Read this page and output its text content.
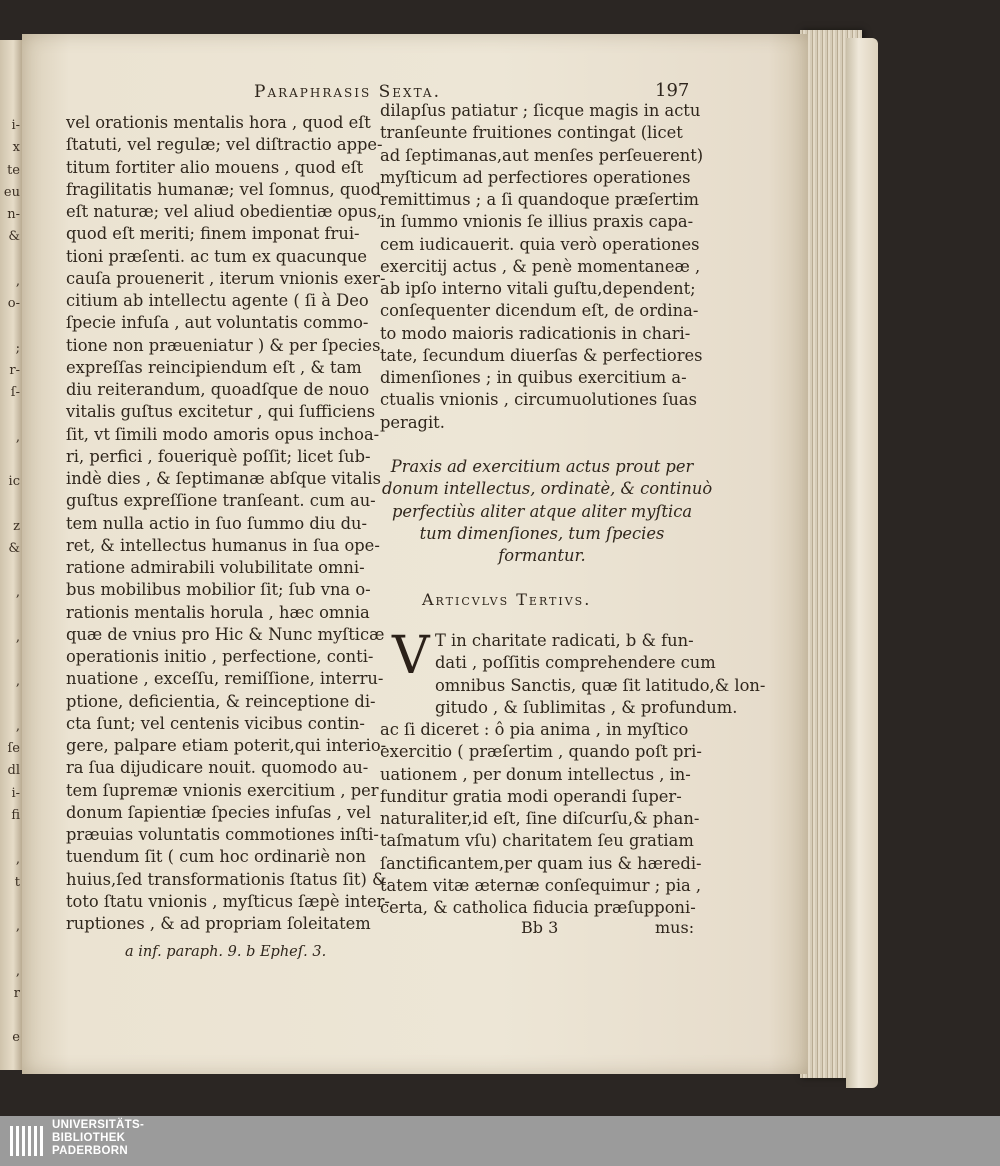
i-
x
te
eu
n-
&
,
o-
;
r-
ſ-
,
ic
z
&
,
,
,
,
ſe
dl
i-
fi
,
t
,
,
r
e
Paraphrasis Sexta.	197
vel orationis mentalis hora , quod eſt
ſtatuti, vel regulæ; vel diſtractio appe-
titum fortiter alio mouens , quod eſt
fragilitatis humanæ; vel ſomnus, quod
eſt naturæ; vel aliud obedientiæ opus,
quod eſt meriti; finem imponat frui-
tioni præſenti. ac tum ex quacunque
cauſa prouenerit , iterum vnionis exer-
citium ab intellectu agente ( ſi à Deo
ſpecie infuſa , aut voluntatis commo-
tione non præueniatur ) & per ſpecies
expreſſas reincipiendum eſt , & tam
diu reiterandum, quoadſque de nouo
vitalis guſtus excitetur , qui ſufficiens
ſit, vt ſimili modo amoris opus inchoa-
ri, perfici , foueriquè poſſit; licet ſub-
indè dies , & ſeptimanæ abſque vitalis
guſtus expreſſione tranſeant. cum au-
tem nulla actio in ſuo ſummo diu du-
ret, & intellectus humanus in ſua ope-
ratione admirabili volubilitate omni-
bus mobilibus mobilior ſit; ſub vna o-
rationis mentalis horula , hæc omnia
quæ de vnius pro Hic & Nunc myſticæ
operationis initio , perfectione, conti-
nuatione , exceſſu, remiſſione, interru-
ptione, deficientia, & reinceptione di-
cta ſunt; vel centenis vicibus contin-
gere, palpare etiam poterit,qui interio-
ra ſua dijudicare nouit. quomodo au-
tem ſupremæ vnionis exercitium , per
donum ſapientiæ ſpecies infuſas , vel
præuias voluntatis commotiones inſti-
tuendum ſit ( cum hoc ordinariè non
huius,ſed transformationis ſtatus ſit) &
toto ſtatu vnionis , myſticus ſæpè inter-
ruptiones , & ad propriam ſoleitatem
dilapſus patiatur ; ſicque magis in actu
tranſeunte fruitiones contingat (licet
ad ſeptimanas,aut menſes perſeuerent)
myſticum ad perfectiores operationes
remittimus ; a ſi quandoque præſertim
in ſummo vnionis ſe illius praxis capa-
cem iudicauerit. quia verò operationes
exercitij actus , & penè momentaneæ ,
ab ipſo interno vitali guſtu,dependent;
conſequenter dicendum eſt, de ordina-
to modo maioris radicationis in chari-
tate, ſecundum diuerſas & perfectiores
dimenſiones ; in quibus exercitium a-
ctualis vnionis , circumuolutiones ſuas
peragit.
Praxis ad exercitium actus prout per
donum intellectus, ordinatè, & continuò
perfectiùs aliter atque aliter myſtica
tum dimenſiones, tum ſpecies
formantur.
Articvlvs Tertivs.
V T in charitate radicati, b & fun-
dati , poſſitis comprehendere cum
omnibus Sanctis, quæ ſit latitudo,& lon-
gitudo , & ſublimitas , & profundum.
ac ſi diceret : ô pia anima , in myſtico
exercitio ( præſertim , quando poſt pri-
uationem , per donum intellectus , in-
funditur gratia modi operandi ſuper-
naturaliter,id eſt, ſine diſcurſu,& phan-
taſmatum vſu) charitatem ſeu gratiam
ſanctificantem,per quam ius & hæredi-
tatem vitæ æternæ conſequimur ; pia ,
certa, & catholica fiducia præſupponi-
Bb 3	mus:
a inf. paraph. 9. b Epheſ. 3.
UNIVERSITÄTS-
BIBLIOTHEK
PADERBORN
